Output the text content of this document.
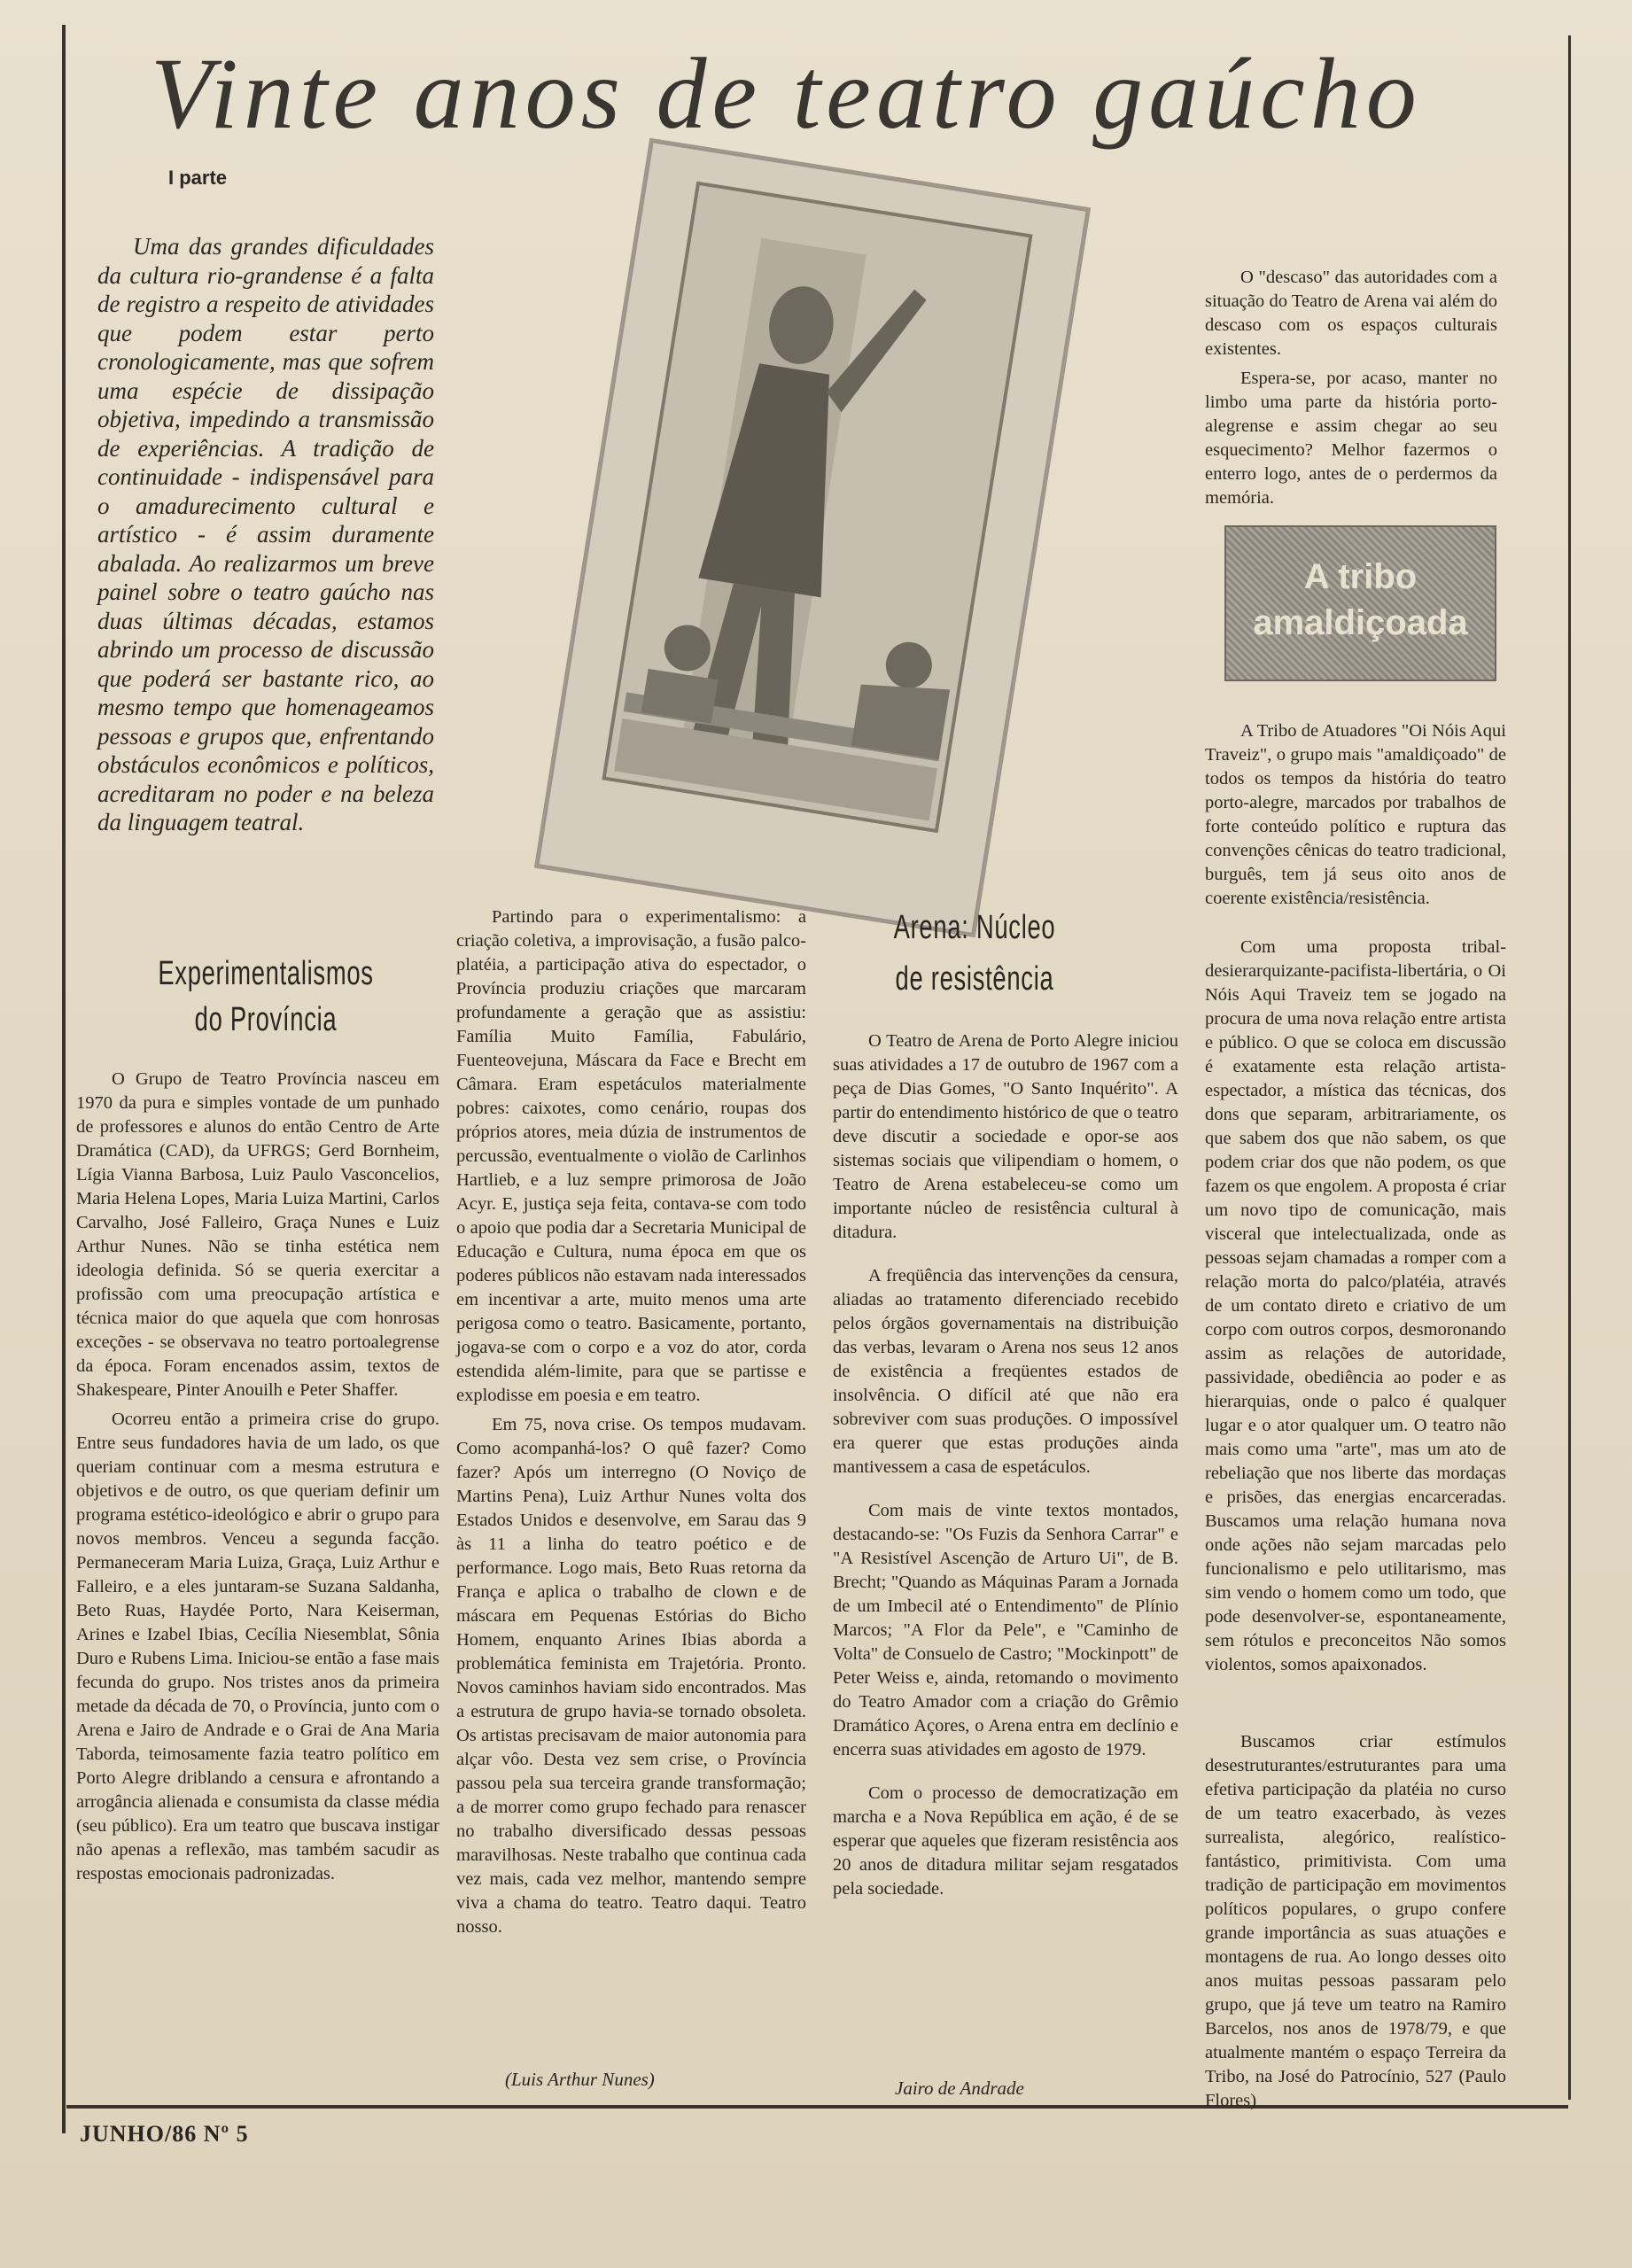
Vinte anos de teatro gaúcho
I parte
Uma das grandes dificuldades da cultura rio-grandense é a falta de registro a respeito de atividades que podem estar perto cronologicamente, mas que sofrem uma espécie de dissipação objetiva, impedindo a transmissão de experiências. A tradição de continuidade - indispensável para o amadurecimento cultural e artístico - é assim duramente abalada. Ao realizarmos um breve painel sobre o teatro gaúcho nas duas últimas décadas, estamos abrindo um processo de discussão que poderá ser bastante rico, ao mesmo tempo que homenageamos pessoas e grupos que, enfrentando obstáculos econômicos e políticos, acreditaram no poder e na beleza da linguagem teatral.
Experimentalismos
do Província

O Grupo de Teatro Província nasceu em 1970 da pura e simples vontade de um punhado de professores e alunos do então Centro de Arte Dramática (CAD), da UFRGS; Gerd Bornheim, Lígia Vianna Barbosa, Luiz Paulo Vasconcelios, Maria Helena Lopes, Maria Luiza Martini, Carlos Carvalho, José Falleiro, Graça Nunes e Luiz Arthur Nunes. Não se tinha estética nem ideologia definida. Só se queria exercitar a profissão com uma preocupação artística e técnica maior do que aquela que com honrosas exceções - se observava no teatro portoalegrense da época. Foram encenados assim, textos de Shakespeare, Pinter Anouilh e Peter Shaffer.

Ocorreu então a primeira crise do grupo. Entre seus fundadores havia de um lado, os que queriam continuar com a mesma estrutura e objetivos e de outro, os que queriam definir um programa estético-ideológico e abrir o grupo para novos membros. Venceu a segunda facção. Permaneceram Maria Luiza, Graça, Luiz Arthur e Falleiro, e a eles juntaram-se Suzana Saldanha, Beto Ruas, Haydée Porto, Nara Keiserman, Arines e Izabel Ibias, Cecília Niesemblat, Sônia Duro e Rubens Lima. Iniciou-se então a fase mais fecunda do grupo. Nos tristes anos da primeira metade da década de 70, o Província, junto com o Arena e Jairo de Andrade e o Grai de Ana Maria Taborda, teimosamente fazia teatro político em Porto Alegre driblando a censura e afrontando a arrogância alienada e consumista da classe média (seu público). Era um teatro que buscava instigar não apenas a reflexão, mas também sacudir as respostas emocionais padronizadas.

Partindo para o experimentalismo: a criação coletiva, a improvisação, a fusão palco-platéia, a participação ativa do espectador, o Província produziu criações que marcaram profundamente a geração que as assistiu: Família Muito Família, Fabulário, Fuenteovejuna, Máscara da Face e Brecht em Câmara. Eram espetáculos materialmente pobres: caixotes, como cenário, roupas dos próprios atores, meia dúzia de instrumentos de percussão, eventualmente o violão de Carlinhos Hartlieb, e a luz sempre primorosa de João Acyr. E, justiça seja feita, contava-se com todo o apoio que podia dar a Secretaria Municipal de Educação e Cultura, numa época em que os poderes públicos não estavam nada interessados em incentivar a arte, muito menos uma arte perigosa como o teatro. Basicamente, portanto, jogava-se com o corpo e a voz do ator, corda estendida além-limite, para que se partisse e explodisse em poesia e em teatro.

Em 75, nova crise. Os tempos mudavam. Como acompanhá-los? O quê fazer? Como fazer? Após um interregno (O Noviço de Martins Pena), Luiz Arthur Nunes volta dos Estados Unidos e desenvolve, em Sarau das 9 às 11 a linha do teatro poético e de performance. Logo mais, Beto Ruas retorna da França e aplica o trabalho de clown e de máscara em Pequenas Estórias do Bicho Homem, enquanto Arines Ibias aborda a problemática feminista em Trajetória. Pronto. Novos caminhos haviam sido encontrados. Mas a estrutura de grupo havia-se tornado obsoleta. Os artistas precisavam de maior autonomia para alçar vôo. Desta vez sem crise, o Província passou pela sua terceira grande transformação; a de morrer como grupo fechado para renascer no trabalho diversificado dessas pessoas maravilhosas. Neste trabalho que continua cada vez mais, cada vez melhor, mantendo sempre viva a chama do teatro. Teatro daqui. Teatro nosso.

(Luis Arthur Nunes)
Arena: Núcleo
de resistência

O Teatro de Arena de Porto Alegre iniciou suas atividades a 17 de outubro de 1967 com a peça de Dias Gomes, "O Santo Inquérito". A partir do entendimento histórico de que o teatro deve discutir a sociedade e opor-se aos sistemas sociais que vilipendiam o homem, o Teatro de Arena estabeleceu-se como um importante núcleo de resistência cultural à ditadura.

A freqüência das intervenções da censura, aliadas ao tratamento diferenciado recebido pelos órgãos governamentais na distribuição das verbas, levaram o Arena nos seus 12 anos de existência a freqüentes estados de insolvência. O difícil até que não era sobreviver com suas produções. O impossível era querer que estas produções ainda mantivessem a casa de espetáculos.

Com mais de vinte textos montados, destacando-se: "Os Fuzis da Senhora Carrar" e "A Resistível Ascenção de Arturo Ui", de B. Brecht; "Quando as Máquinas Param a Jornada de um Imbecil até o Entendimento" de Plínio Marcos; "A Flor da Pele", e "Caminho de Volta" de Consuelo de Castro; "Mockinpott" de Peter Weiss e, ainda, retomando o movimento do Teatro Amador com a criação do Grêmio Dramático Açores, o Arena entra em declínio e encerra suas atividades em agosto de 1979.

Com o processo de democratização em marcha e a Nova República em ação, é de se esperar que aqueles que fizeram resistência aos 20 anos de ditadura militar sejam resgatados pela sociedade.

Jairo de Andrade

O "descaso" das autoridades com a situação do Teatro de Arena vai além do descaso com os espaços culturais existentes.

Espera-se, por acaso, manter no limbo uma parte da história porto-alegrense e assim chegar ao seu esquecimento? Melhor fazermos o enterro logo, antes de o perdermos da memória.

A tribo
amaldiçoada

A Tribo de Atuadores "Oi Nóis Aqui Traveiz", o grupo mais "amaldiçoado" de todos os tempos da história do teatro porto-alegre, marcados por trabalhos de forte conteúdo político e ruptura das convenções cênicas do teatro tradicional, burguês, tem já seus oito anos de coerente existência/resistência.

Com uma proposta tribal-desierarquizante-pacifista-libertária, o Oi Nóis Aqui Traveiz tem se jogado na procura de uma nova relação entre artista e público. O que se coloca em discussão é exatamente esta relação artista-espectador, a mística das técnicas, dos dons que separam, arbitrariamente, os que sabem dos que não sabem, os que podem criar dos que não podem, os que fazem os que engolem. A proposta é criar um novo tipo de comunicação, mais visceral que intelectualizada, onde as pessoas sejam chamadas a romper com a relação morta do palco/platéia, através de um contato direto e criativo de um corpo com outros corpos, desmoronando assim as relações de autoridade, passividade, obediência ao poder e as hierarquias, onde o palco é qualquer lugar e o ator qualquer um. O teatro não mais como uma "arte", mas um ato de rebeliação que nos liberte das mordaças e prisões, das energias encarceradas. Buscamos uma relação humana nova onde ações não sejam marcadas pelo funcionalismo e pelo utilitarismo, mas sim vendo o homem como um todo, que pode desenvolver-se, espontaneamente, sem rótulos e preconceitos Não somos violentos, somos apaixonados.

Buscamos criar estímulos desestruturantes/estruturantes para uma efetiva participação da platéia no curso de um teatro exacerbado, às vezes surrealista, alegórico, realístico-fantástico, primitivista. Com uma tradição de participação em movimentos políticos populares, o grupo confere grande importância as suas atuações e montagens de rua. Ao longo desses oito anos muitas pessoas passaram pelo grupo, que já teve um teatro na Ramiro Barcelos, nos anos de 1978/79, e que atualmente mantém o espaço Terreira da Tribo, na José do Patrocínio, 527 (Paulo Flores)

JUNHO/86 Nº 5
